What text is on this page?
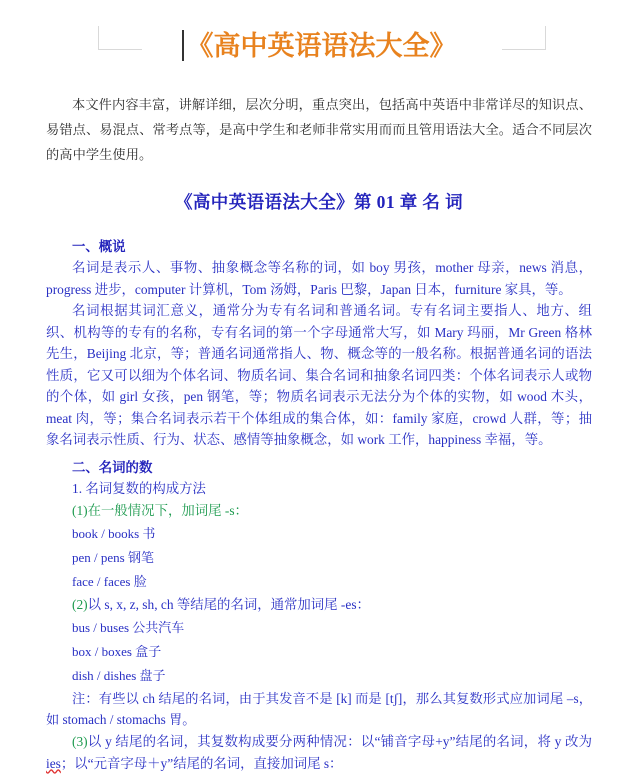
《高中英语语法大全》
本文件内容丰富，讲解详细，层次分明，重点突出，包括高中英语中非常详尽的知识点、易错点、易混点、常考点等，是高中学生和老师非常实用而而且管用语法大全。适合不同层次的高中学生使用。
《高中英语语法大全》第 01 章 名 词
一、概说
名词是表示人、事物、抽象概念等名称的词，如 boy 男孩，mother 母亲，news 消息，progress 进步，computer 计算机，Tom 汤姆，Paris 巴黎，Japan 日本，furniture 家具，等。
名词根据其词汇意义，通常分为专有名词和普通名词。专有名词主要指人、地方、组织、机构等的专有的名称，专有名词的第一个字母通常大写，如 Mary 玛丽，Mr Green 格林先生，Beijing 北京，等；普通名词通常指人、物、概念等的一般名称。根据普通名词的语法性质，它又可以细为个体名词、物质名词、集合名词和抽象名词四类：个体名词表示人或物的个体，如 girl 女孩，pen 钢笔，等；物质名词表示无法分为个体的实物，如 wood 木头，meat 肉，等；集合名词表示若干个体组成的集合体，如：family 家庭，crowd 人群，等；抽象名词表示性质、行为、状态、感情等抽象概念，如 work 工作，happiness 幸福，等。
二、名词的数
1. 名词复数的构成方法
(1)在一般情况下，加词尾 -s：
book / books 书
pen / pens 钢笔
face / faces 脸
(2)以 s, x, z, sh, ch 等结尾的名词，通常加词尾 -es：
bus / buses 公共汽车
box / boxes 盒子
dish / dishes 盘子
注：有些以 ch 结尾的名词，由于其发音不是 [k] 而是 [tʃ]，那么其复数形式应加词尾 –s，如 stomach / stomachs 胃。
(3)以 y 结尾的名词，其复数构成要分两种情况：以“铺音字母+y”结尾的名词，将 y 改为 ies；以“元音字母＋y”结尾的名词，直接加词尾 s：
